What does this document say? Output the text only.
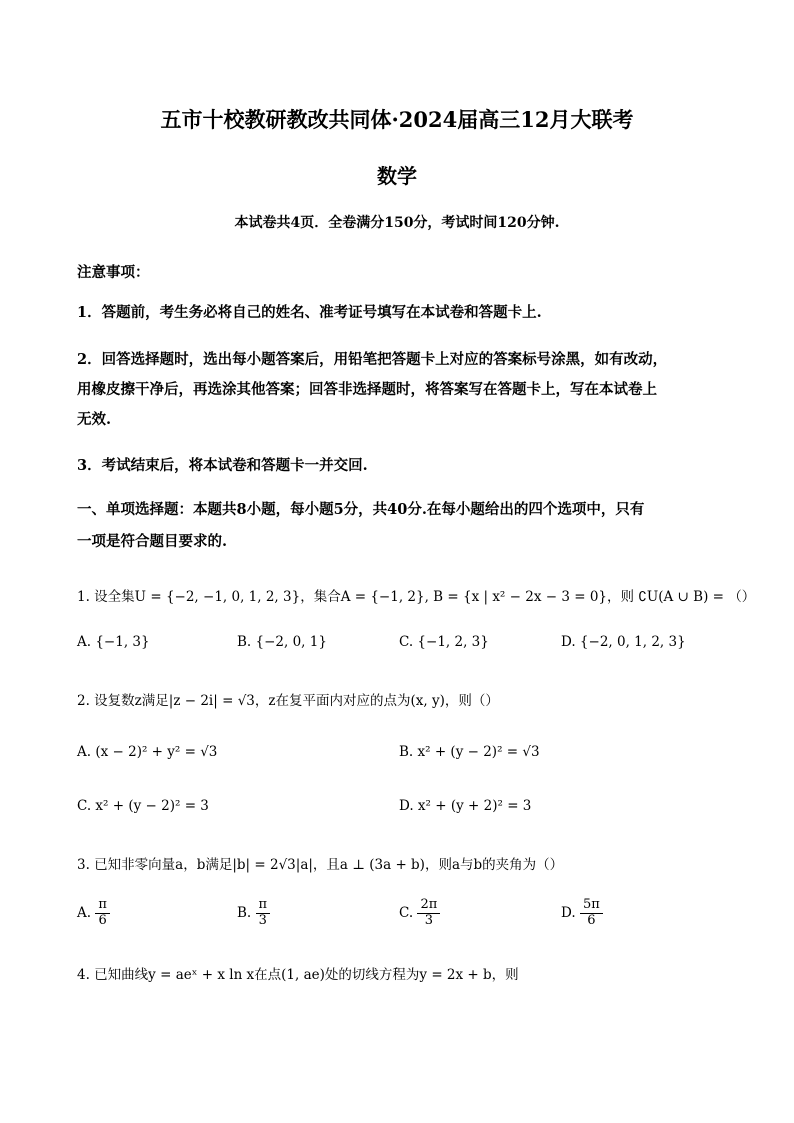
五市十校教研教改共同体·2024届高三12月大联考
数学
本试卷共4页．全卷满分150分，考试时间120分钟.
注意事项：
1．答题前，考生务必将自己的姓名、准考证号填写在本试卷和答题卡上.
2．回答选择题时，选出每小题答案后，用铅笔把答题卡上对应的答案标号涂黑，如有改动，
用橡皮擦干净后，再选涂其他答案；回答非选择题时，将答案写在答题卡上，写在本试卷上
无效.
3．考试结束后，将本试卷和答题卡一并交回.
一、单项选择题：本题共8小题，每小题5分，共40分.在每小题给出的四个选项中，只有
一项是符合题目要求的.
1. 设全集U = {−2, −1, 0, 1, 2, 3}，集合A = {−1, 2}, B = {x | x² − 2x − 3 = 0}，则 ∁U(A ∪ B) = （）
A. {−1, 3}	B. {−2, 0, 1}	C. {−1, 2, 3}	D. {−2, 0, 1, 2, 3}
2. 设复数z满足|z − 2i| = √3，z在复平面内对应的点为(x, y)，则（）
A. (x − 2)² + y² = √3	B. x² + (y − 2)² = √3
C. x² + (y − 2)² = 3	D. x² + (y + 2)² = 3
3. 已知非零向量a，b满足|b| = 2√3|a|，且a ⊥ (3a + b)，则a与b的夹角为（）
A. $\frac{\pi}{6}$	B. $\frac{\pi}{3}$	C. $\frac{2\pi}{3}$	D. $\frac{5\pi}{6}$
4. 已知曲线y = aeˣ + x ln x在点(1, ae)处的切线方程为y = 2x + b，则
